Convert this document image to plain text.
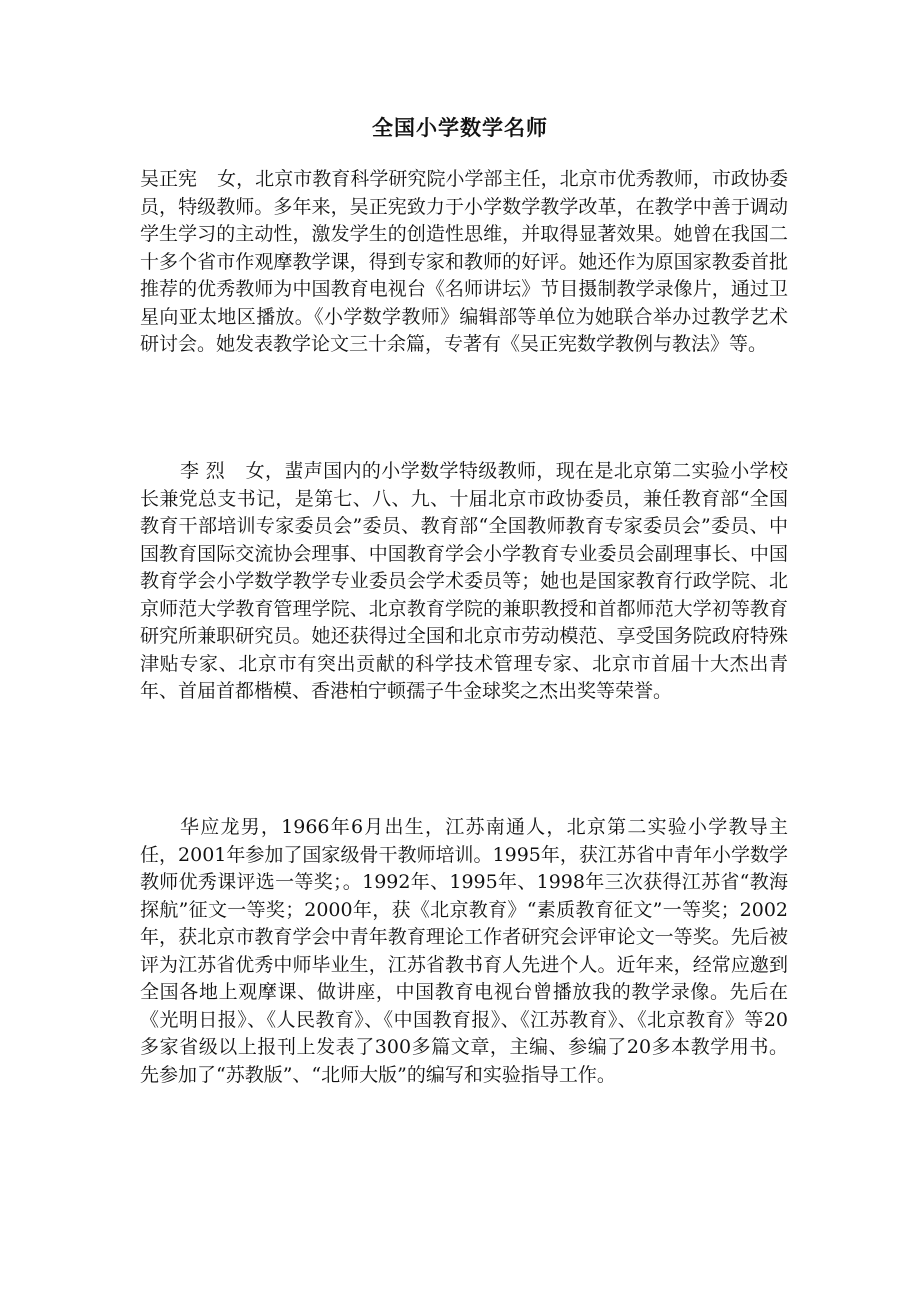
全国小学数学名师

吴正宪 女，北京市教育科学研究院小学部主任，北京市优秀教师，市政协委员，特级教师。多年来，吴正宪致力于小学数学教学改革，在教学中善于调动学生学习的主动性，激发学生的创造性思维，并取得显著效果。她曾在我国二十多个省市作观摩教学课，得到专家和教师的好评。她还作为原国家教委首批推荐的优秀教师为中国教育电视台《名师讲坛》节目摄制教学录像片，通过卫星向亚太地区播放。《小学数学教师》编辑部等单位为她联合举办过教学艺术研讨会。她发表教学论文三十余篇，专著有《吴正宪数学教例与教法》等。

李 烈 女，蜚声国内的小学数学特级教师，现在是北京第二实验小学校长兼党总支书记，是第七、八、九、十届北京市政协委员，兼任教育部“全国教育干部培训专家委员会”委员、教育部“全国教师教育专家委员会”委员、中国教育国际交流协会理事、中国教育学会小学教育专业委员会副理事长、中国教育学会小学数学教学专业委员会学术委员等；她也是国家教育行政学院、北京师范大学教育管理学院、北京教育学院的兼职教授和首都师范大学初等教育研究所兼职研究员。她还获得过全国和北京市劳动模范、享受国务院政府特殊津贴专家、北京市有突出贡献的科学技术管理专家、北京市首届十大杰出青年、首届首都楷模、香港柏宁顿孺子牛金球奖之杰出奖等荣誉。

华应龙男，1966年6月出生，江苏南通人，北京第二实验小学教导主任，2001年参加了国家级骨干教师培训。1995年，获江苏省中青年小学数学教师优秀课评选一等奖；。1992年、1995年、1998年三次获得江苏省“教海探航”征文一等奖；2000年，获《北京教育》“素质教育征文”一等奖；2002年，获北京市教育学会中青年教育理论工作者研究会评审论文一等奖。先后被评为江苏省优秀中师毕业生，江苏省教书育人先进个人。近年来，经常应邀到全国各地上观摩课、做讲座，中国教育电视台曾播放我的教学录像。先后在《光明日报》、《人民教育》、《中国教育报》、《江苏教育》、《北京教育》等20多家省级以上报刊上发表了300多篇文章，主编、参编了20多本教学用书。先参加了“苏教版”、“北师大版”的编写和实验指导工作。
